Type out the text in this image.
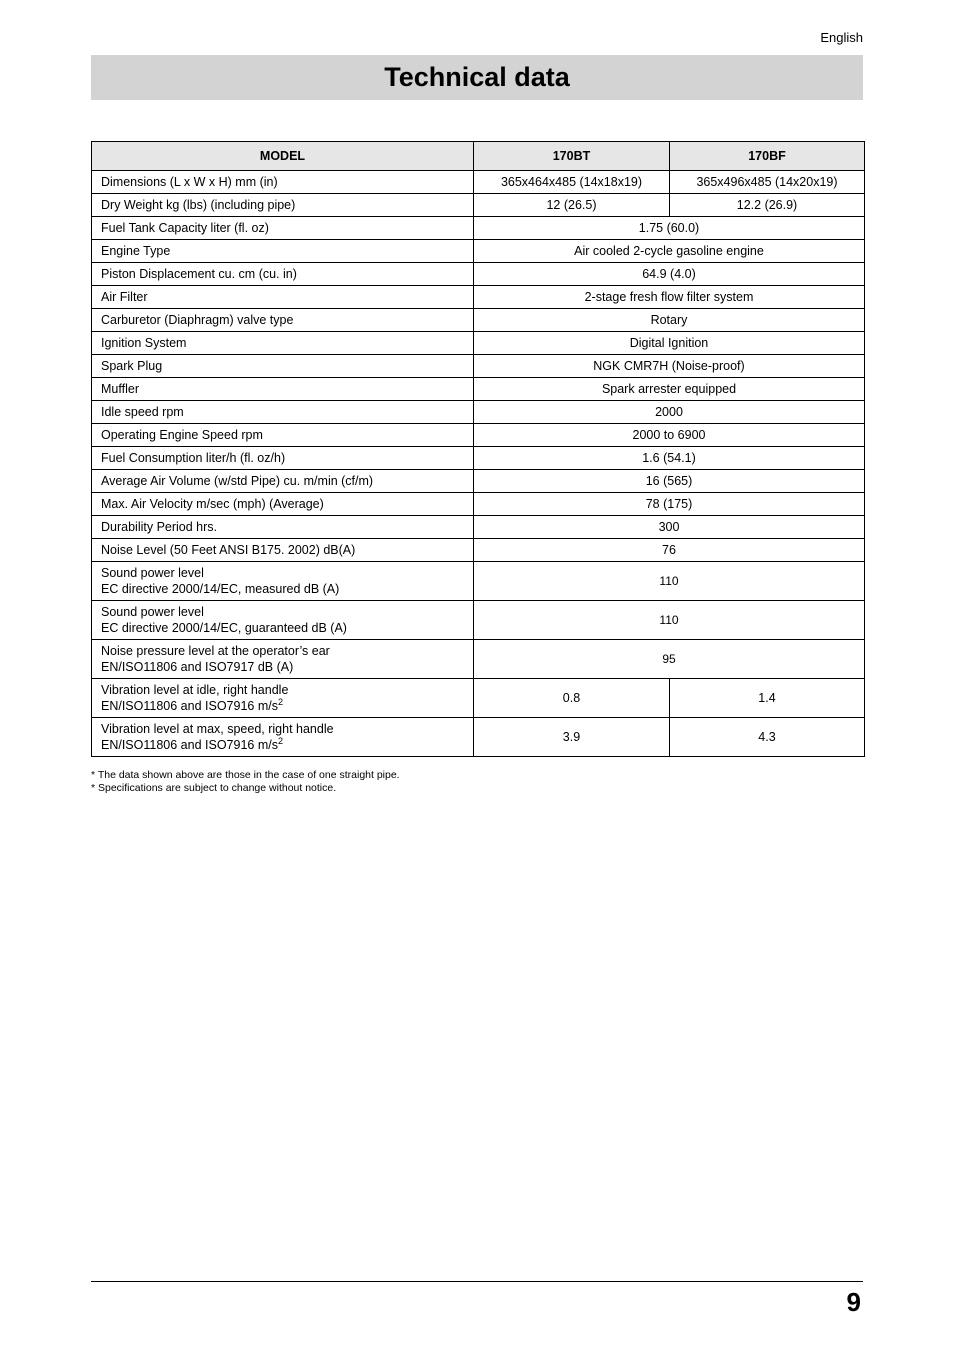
English
Technical data
MODEL	170BT	170BF

Dimensions (L x W x H) mm (in)	365x464x485 (14x18x19)	365x496x485 (14x20x19)

Dry Weight kg (lbs) (including pipe)	12 (26.5)	12.2 (26.9)

Fuel Tank Capacity liter (fl. oz)	1.75 (60.0)	

Engine Type	Air cooled 2-cycle gasoline engine	

Piston Displacement cu. cm (cu. in)	64.9 (4.0)	

Air Filter	2-stage fresh flow filter system	

Carburetor (Diaphragm) valve type	Rotary	

Ignition System	Digital Ignition	

Spark Plug	NGK CMR7H (Noise-proof)	

Muffler	Spark arrester equipped	

Idle speed rpm	2000	

Operating Engine Speed rpm	2000 to 6900	

Fuel Consumption liter/h (fl. oz/h)	1.6 (54.1)	

Average Air Volume (w/std Pipe) cu. m/min (cf/m)	16 (565)	

Max. Air Velocity m/sec (mph) (Average)	78 (175)	

Durability Period hrs.	300	

Noise Level (50 Feet ANSI B175. 2002) dB(A)	76	

Sound power level
EC directive 2000/14/EC, measured dB (A)	110	

Sound power level
EC directive 2000/14/EC, guaranteed dB (A)	110	

Noise pressure level at the operator’s ear
EN/ISO11806 and ISO7917 dB (A)	95	

Vibration level at idle, right handle
EN/ISO11806 and ISO7916 $m/s^2$	0.8	1.4

Vibration level at max, speed, right handle
EN/ISO11806 and ISO7916 $m/s^2$	3.9	4.3
* The data shown above are those in the case of one straight pipe.
* Specifications are subject to change without notice.
9
